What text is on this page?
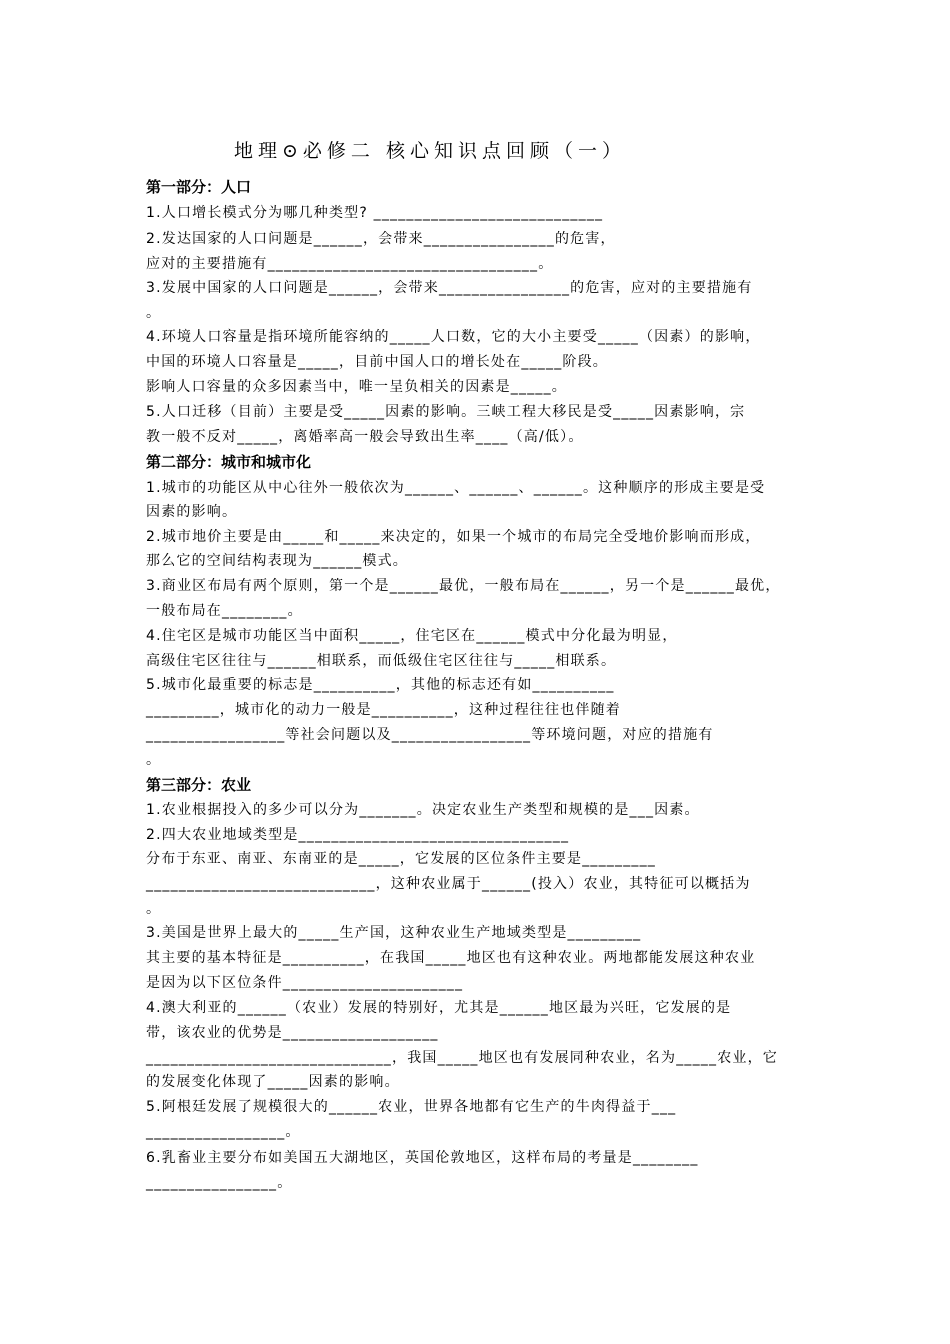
地理⊙必修二 核心知识点回顾（一）
第一部分：人口
第二部分：城市和城市化
第三部分：农业
1.人口增长模式分为哪几种类型? ____________________________
2.发达国家的人口问题是______，会带来________________的危害，
应对的主要措施有_________________________________。
3.发展中国家的人口问题是______，会带来________________的危害，应对的主要措施有
。
4.环境人口容量是指环境所能容纳的_____人口数，它的大小主要受_____（因素）的影响，
中国的环境人口容量是_____，目前中国人口的增长处在_____阶段。
影响人口容量的众多因素当中，唯一呈负相关的因素是_____。
5.人口迁移（目前）主要是受_____因素的影响。三峡工程大移民是受_____因素影响，宗
教一般不反对_____，离婚率高一般会导致出生率____（高/低）。
1.城市的功能区从中心往外一般依次为______、______、______。这种顺序的形成主要是受
因素的影响。
2.城市地价主要是由_____和_____来决定的，如果一个城市的布局完全受地价影响而形成，
那么它的空间结构表现为______模式。
3.商业区布局有两个原则，第一个是______最优，一般布局在______，另一个是______最优，
一般布局在________。
4.住宅区是城市功能区当中面积_____，住宅区在______模式中分化最为明显，
高级住宅区往往与______相联系，而低级住宅区往往与_____相联系。
5.城市化最重要的标志是__________，其他的标志还有如__________
_________，城市化的动力一般是__________，这种过程往往也伴随着
_________________等社会问题以及_________________等环境问题，对应的措施有
。
1.农业根据投入的多少可以分为_______。决定农业生产类型和规模的是___因素。
2.四大农业地域类型是_________________________________
分布于东亚、南亚、东南亚的是_____，它发展的区位条件主要是_________
____________________________，这种农业属于______(投入）农业，其特征可以概括为
。
3.美国是世界上最大的_____生产国，这种农业生产地域类型是_________
其主要的基本特征是__________，在我国_____地区也有这种农业。两地都能发展这种农业
是因为以下区位条件______________________
4.澳大利亚的______（农业）发展的特别好，尤其是______地区最为兴旺，它发展的是
带，该农业的优势是___________________
______________________________，我国_____地区也有发展同种农业，名为_____农业，它
的发展变化体现了_____因素的影响。
5.阿根廷发展了规模很大的______农业，世界各地都有它生产的牛肉得益于___
_________________。
6.乳畜业主要分布如美国五大湖地区，英国伦敦地区，这样布局的考量是________
________________。
